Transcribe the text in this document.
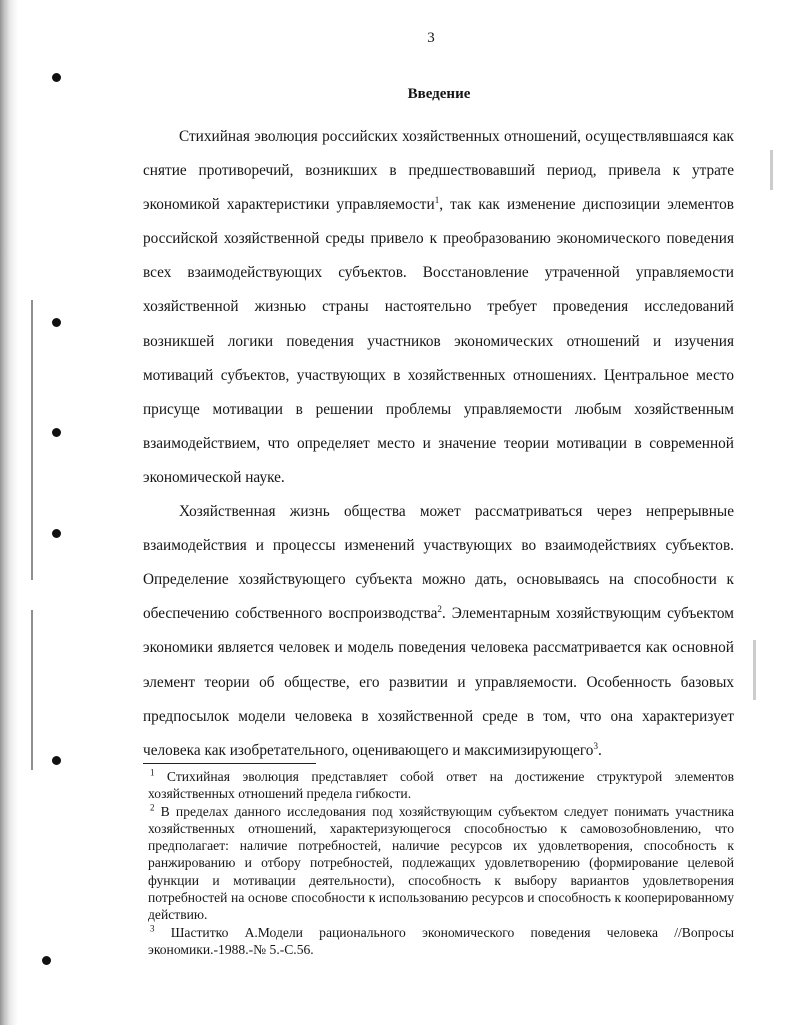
3
Введение

Стихийная эволюция российских хозяйственных отношений, осуществлявшаяся как снятие противоречий, возникших в предшествовавший период, привела к утрате экономикой характеристики управляемости$^1$, так как изменение диспозиции элементов российской хозяйственной среды привело к преобразованию экономического поведения всех взаимодействующих субъектов. Восстановление утраченной управляемости хозяйственной жизнью страны настоятельно требует проведения исследований возникшей логики поведения участников экономических отношений и изучения мотиваций субъектов, участвующих в хозяйственных отношениях. Центральное место присуще мотивации в решении проблемы управляемости любым хозяйственным взаимодействием, что определяет место и значение теории мотивации в современной экономической науке.

Хозяйственная жизнь общества может рассматриваться через непрерывные взаимодействия и процессы изменений участвующих во взаимодействиях субъектов. Определение хозяйствующего субъекта можно дать, основываясь на способности к обеспечению собственного воспроизводства$^2$. Элементарным хозяйствующим субъектом экономики является человек и модель поведения человека рассматривается как основной элемент теории об обществе, его развитии и управляемости. Особенность базовых предпосылок модели человека в хозяйственной среде в том, что она характеризует человека как изобретательного, оценивающего и максимизирующего$^3$.

$^1$ Стихийная эволюция представляет собой ответ на достижение структурой элементов хозяйственных отношений предела гибкости.

$^2$ В пределах данного исследования под хозяйствующим субъектом следует понимать участника хозяйственных отношений, характеризующегося способностью к самовозобновлению, что предполагает: наличие потребностей, наличие ресурсов их удовлетворения, способность к ранжированию и отбору потребностей, подлежащих удовлетворению (формирование целевой функции и мотивации деятельности), способность к выбору вариантов удовлетворения потребностей на основе способности к использованию ресурсов и способность к кооперированному действию.

$^3$ Шаститко А.Модели рационального экономического поведения человека //Вопросы экономики.-1988.-№ 5.-С.56.
